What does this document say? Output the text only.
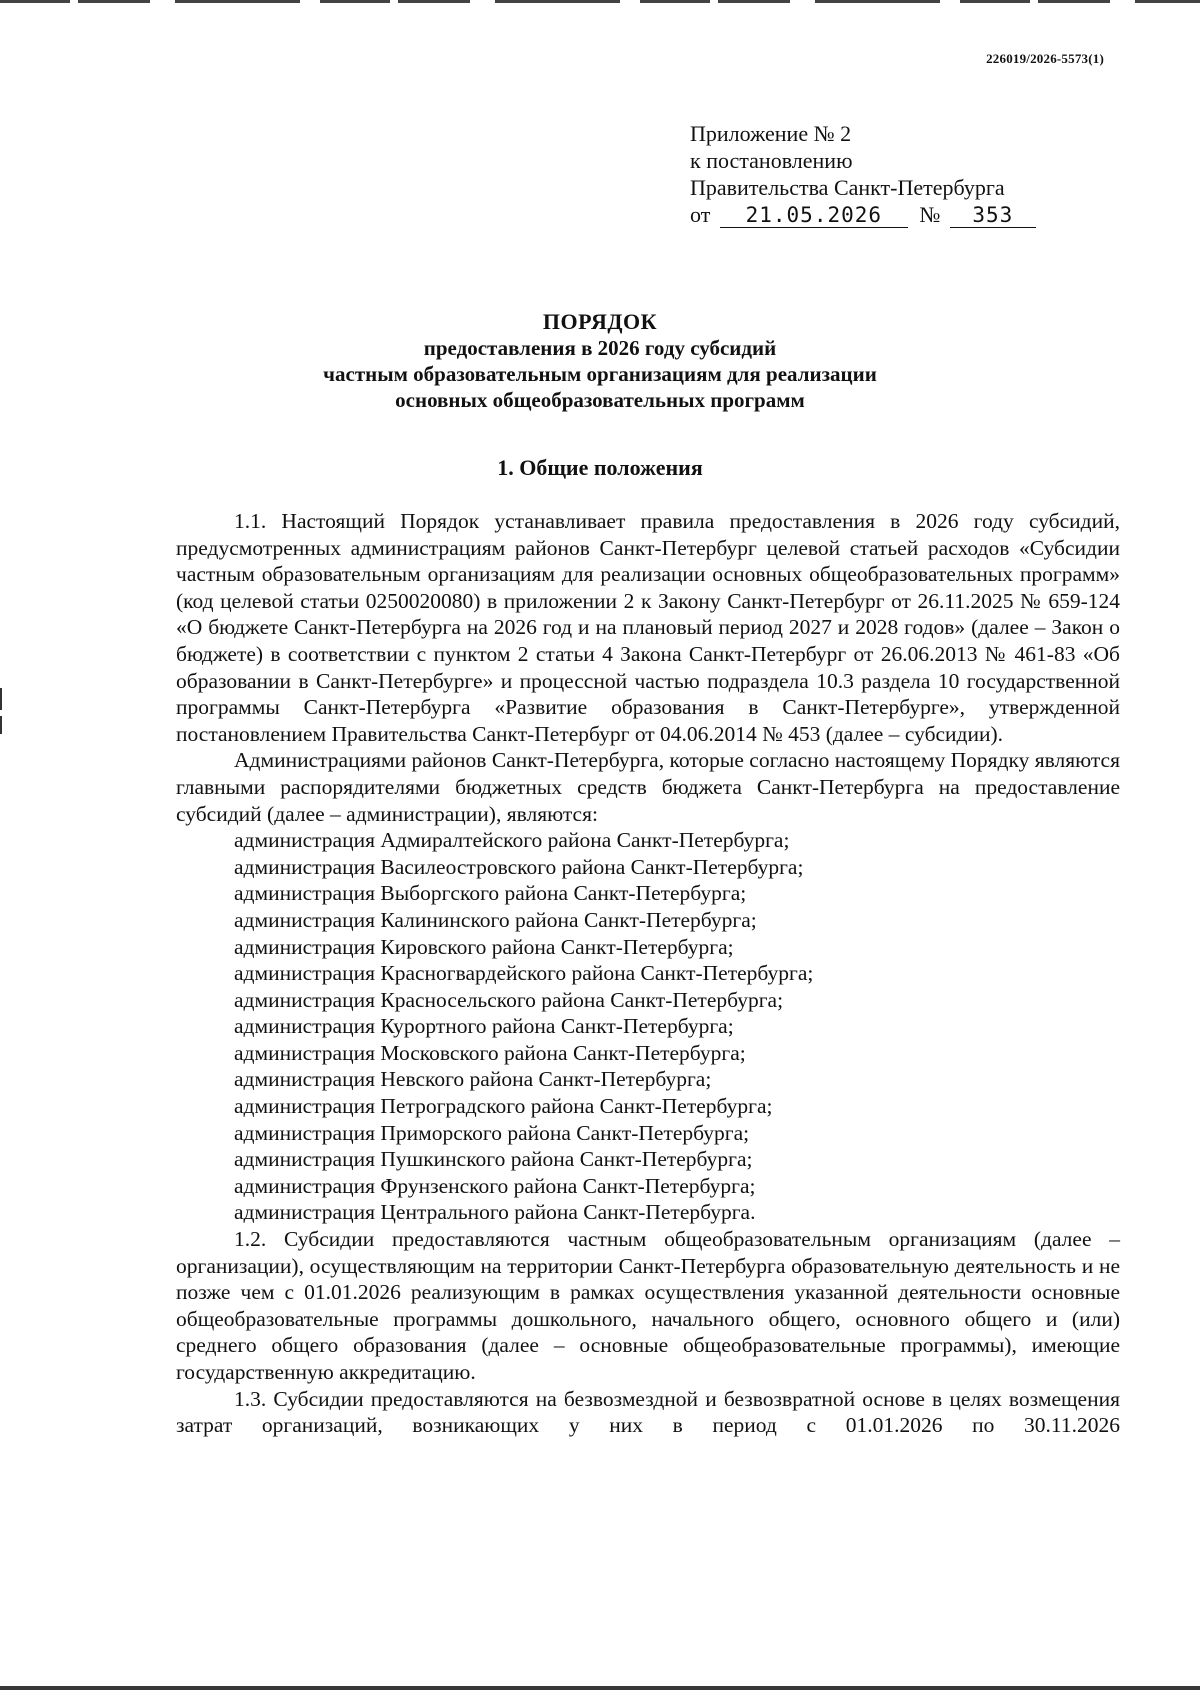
226019/2026-5573(1)
Приложение № 2
к постановлению
Правительства Санкт-Петербурга
от 21.05.2026 № 353
ПОРЯДОК
предоставления в 2026 году субсидий
частным образовательным организациям для реализации
основных общеобразовательных программ
1. Общие положения

1.1. Настоящий Порядок устанавливает правила предоставления в 2026 году субсидий, предусмотренных администрациям районов Санкт-Петербург целевой статьей расходов «Субсидии частным образовательным организациям для реализации основных общеобразовательных программ» (код целевой статьи 0250020080) в приложении 2 к Закону Санкт-Петербург от 26.11.2025 № 659-124 «О бюджете Санкт-Петербурга на 2026 год и на плановый период 2027 и 2028 годов» (далее – Закон о бюджете) в соответствии с пунктом 2 статьи 4 Закона Санкт-Петербург от 26.06.2013 № 461-83 «Об образовании в Санкт-Петербурге» и процессной частью подраздела 10.3 раздела 10 государственной программы Санкт-Петербурга «Развитие образования в Санкт-Петербурге», утвержденной постановлением Правительства Санкт-Петербург от 04.06.2014 № 453 (далее – субсидии).

Администрациями районов Санкт-Петербурга, которые согласно настоящему Порядку являются главными распорядителями бюджетных средств бюджета Санкт-Петербурга на предоставление субсидий (далее – администрации), являются:

администрация Адмиралтейского района Санкт-Петербурга;
администрация Василеостровского района Санкт-Петербурга;
администрация Выборгского района Санкт-Петербурга;
администрация Калининского района Санкт-Петербурга;
администрация Кировского района Санкт-Петербурга;
администрация Красногвардейского района Санкт-Петербурга;
администрация Красносельского района Санкт-Петербурга;
администрация Курортного района Санкт-Петербурга;
администрация Московского района Санкт-Петербурга;
администрация Невского района Санкт-Петербурга;
администрация Петроградского района Санкт-Петербурга;
администрация Приморского района Санкт-Петербурга;
администрация Пушкинского района Санкт-Петербурга;
администрация Фрунзенского района Санкт-Петербурга;
администрация Центрального района Санкт-Петербурга.

1.2. Субсидии предоставляются частным общеобразовательным организациям (далее – организации), осуществляющим на территории Санкт-Петербурга образовательную деятельность и не позже чем с 01.01.2026 реализующим в рамках осуществления указанной деятельности основные общеобразовательные программы дошкольного, начального общего, основного общего и (или) среднего общего образования (далее – основные общеобразовательные программы), имеющие государственную аккредитацию.

1.3. Субсидии предоставляются на безвозмездной и безвозвратной основе в целях возмещения затрат организаций, возникающих у них в период с 01.01.2026 по 30.11.2026
